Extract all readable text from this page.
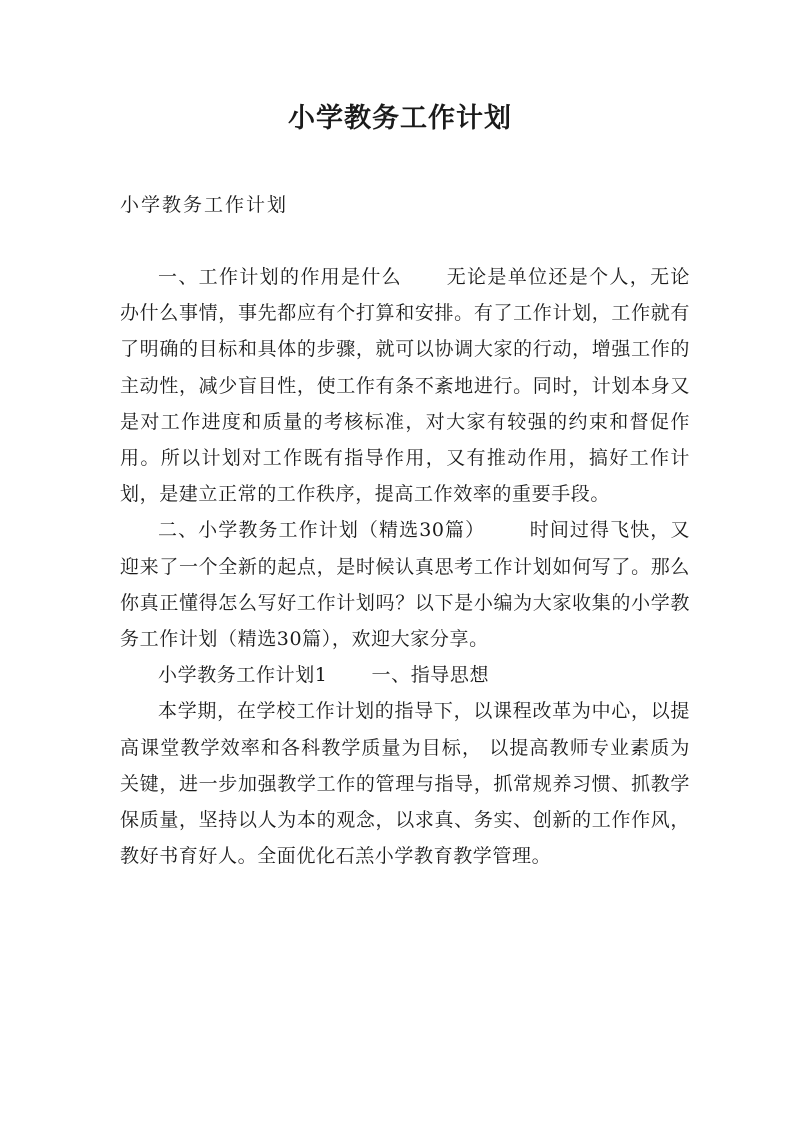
小学教务工作计划
小学教务工作计划

一、工作计划的作用是什么 无论是单位还是个人，无论办什么事情，事先都应有个打算和安排。有了工作计划，工作就有了明确的目标和具体的步骤，就可以协调大家的行动，增强工作的主动性，减少盲目性，使工作有条不紊地进行。同时，计划本身又是对工作进度和质量的考核标准，对大家有较强的约束和督促作用。所以计划对工作既有指导作用，又有推动作用，搞好工作计划，是建立正常的工作秩序，提高工作效率的重要手段。

二、小学教务工作计划（精选30篇） 时间过得飞快，又迎来了一个全新的起点，是时候认真思考工作计划如何写了。那么你真正懂得怎么写好工作计划吗？以下是小编为大家收集的小学教务工作计划（精选30篇），欢迎大家分享。

小学教务工作计划1 一、指导思想

本学期，在学校工作计划的指导下，以课程改革为中心，以提高课堂教学效率和各科教学质量为目标， 以提高教师专业素质为关键，进一步加强教学工作的管理与指导，抓常规养习惯、抓教学保质量，坚持以人为本的观念，以求真、务实、创新的工作作风，教好书育好人。全面优化石羔小学教育教学管理。
